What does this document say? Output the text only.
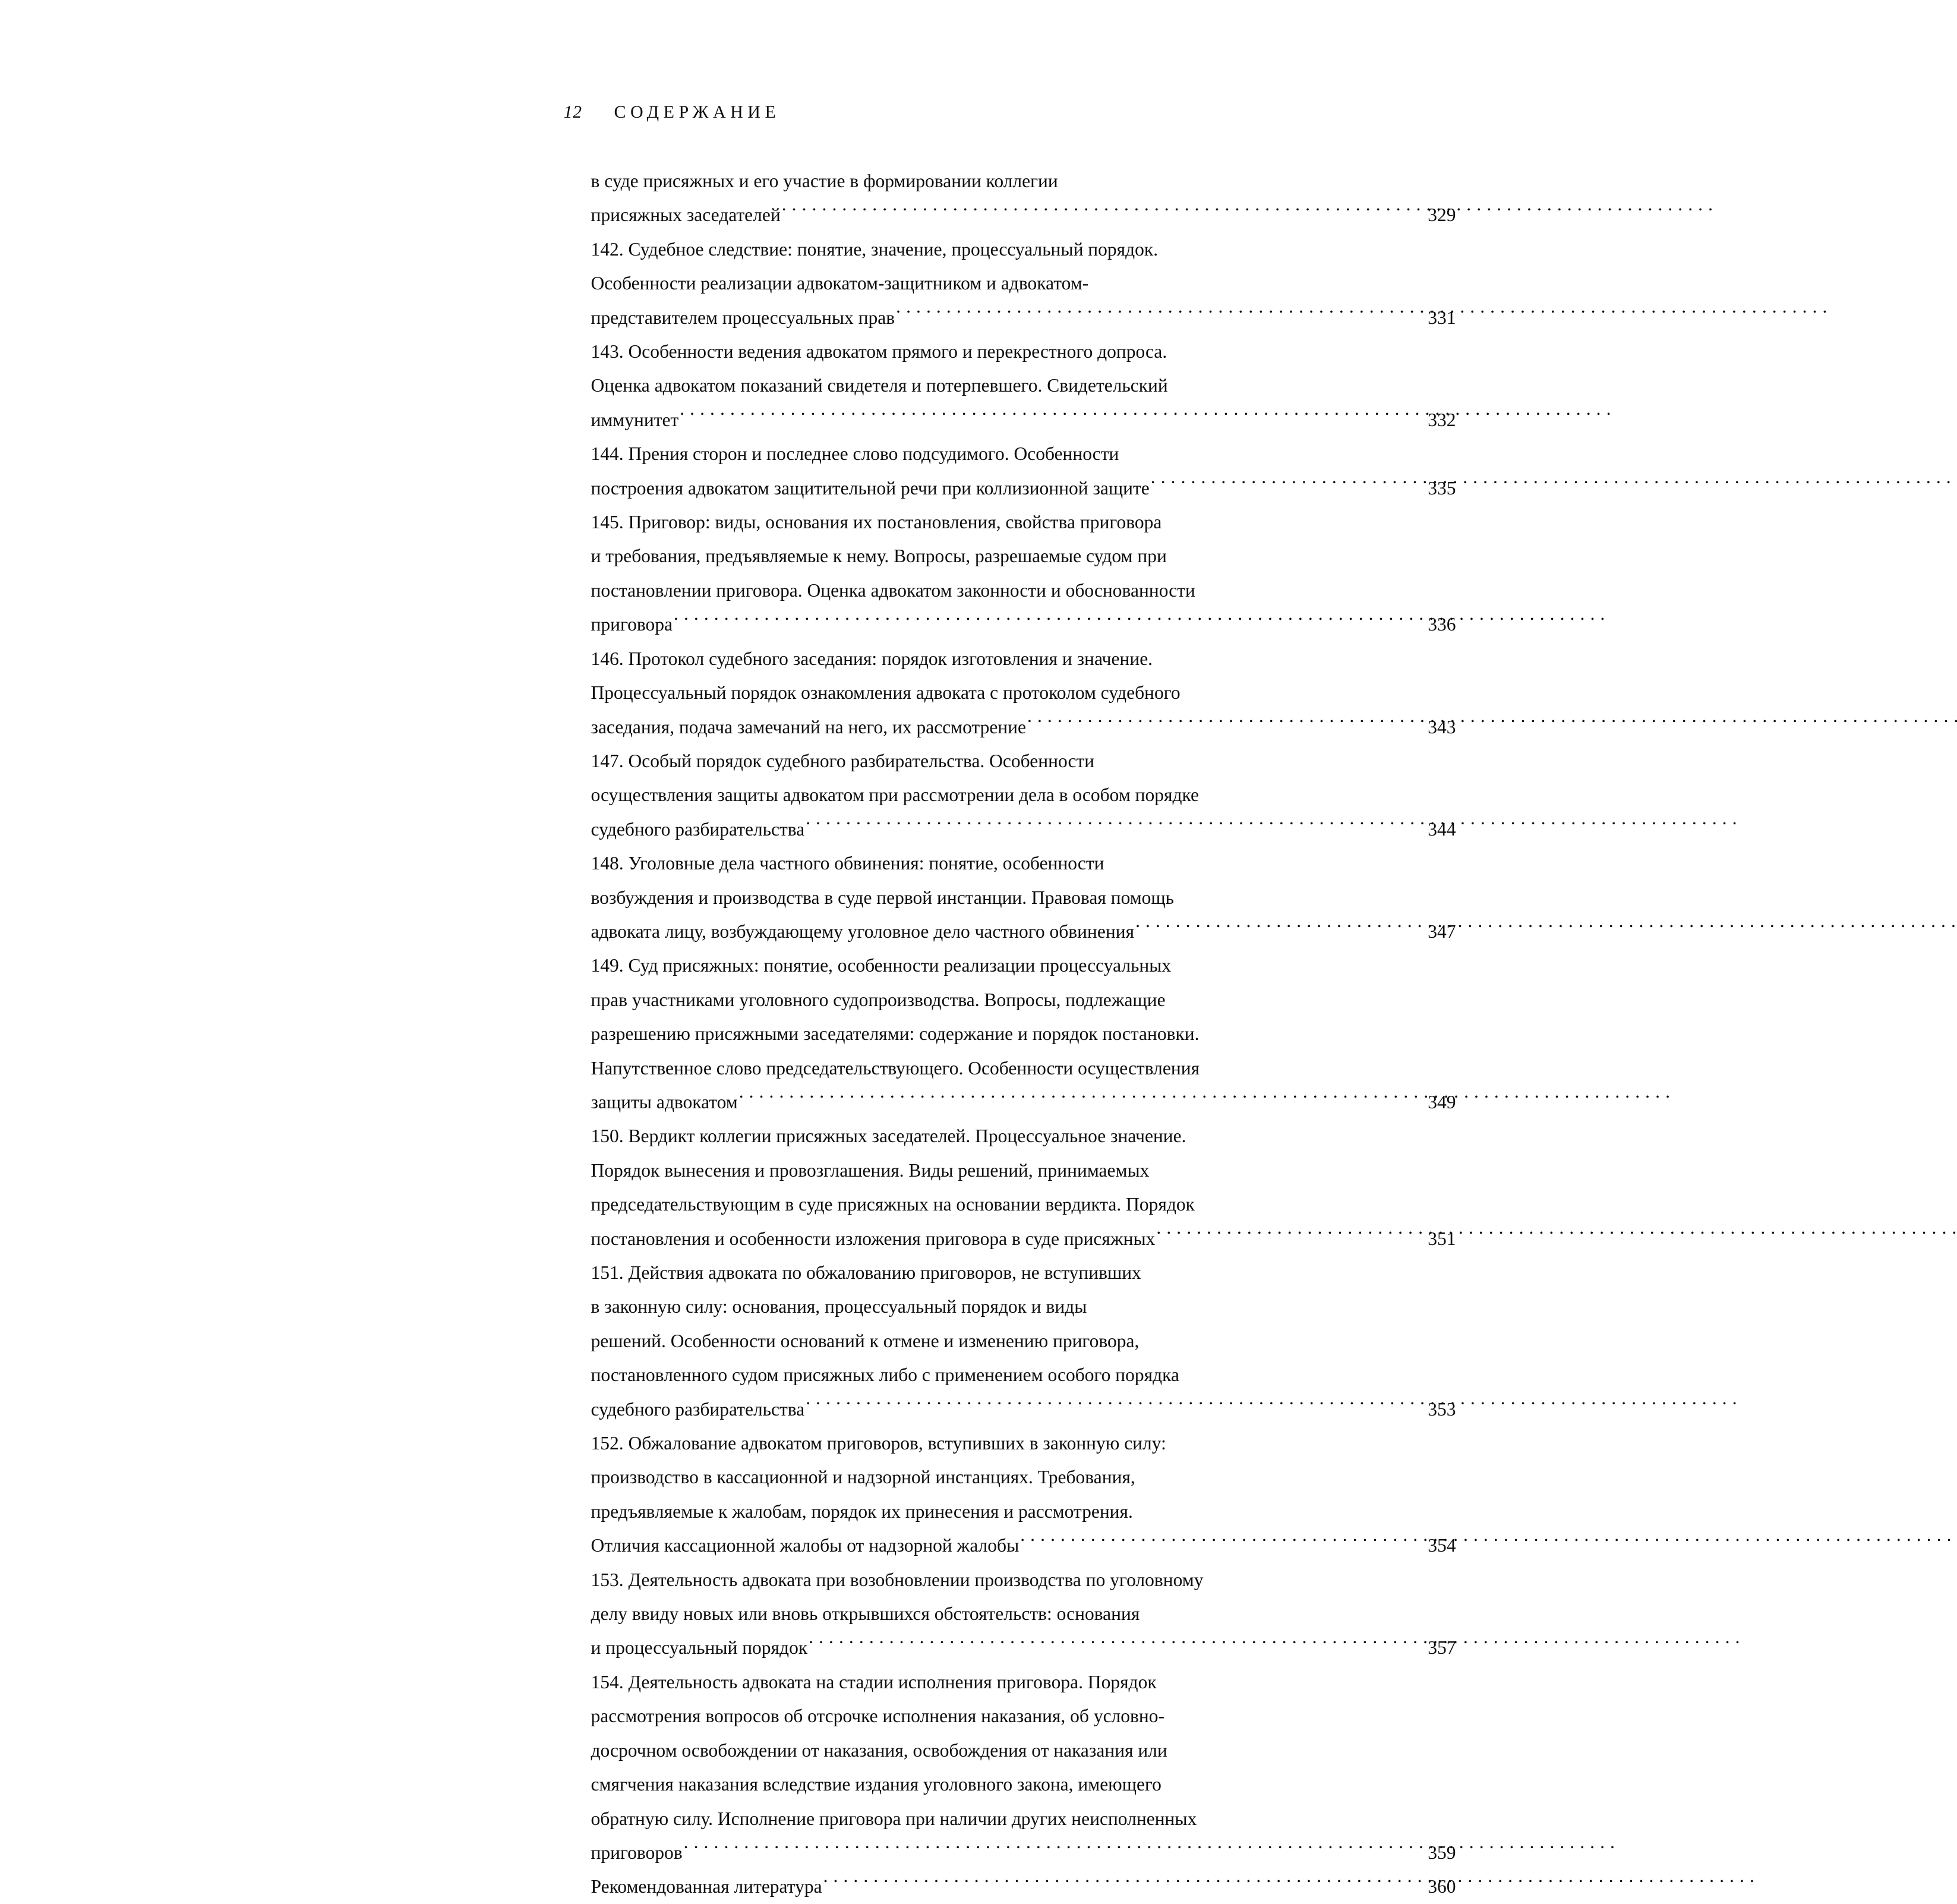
12 СОДЕРЖАНИЕ
в суде присяжных и его участие в формировании коллегии
присяжных заседателей . . .	329
142. Судебное следствие: понятие, значение, процессуальный порядок.
Особенности реализации адвокатом-защитником и адвокатом-
представителем процессуальных прав . . .	331
143. Особенности ведения адвокатом прямого и перекрестного допроса.
Оценка адвокатом показаний свидетеля и потерпевшего. Свидетельский
иммунитет . . .	332
144. Прения сторон и последнее слово подсудимого. Особенности
построения адвокатом защитительной речи при коллизионной защите . . .	335
145. Приговор: виды, основания их постановления, свойства приговора
и требования, предъявляемые к нему. Вопросы, разрешаемые судом при
постановлении приговора. Оценка адвокатом законности и обоснованности
приговора . . .	336
146. Протокол судебного заседания: порядок изготовления и значение.
Процессуальный порядок ознакомления адвоката с протоколом судебного
заседания, подача замечаний на него, их рассмотрение . . .	343
147. Особый порядок судебного разбирательства. Особенности
осуществления защиты адвокатом при рассмотрении дела в особом порядке
судебного разбирательства . . .	344
148. Уголовные дела частного обвинения: понятие, особенности
возбуждения и производства в суде первой инстанции. Правовая помощь
адвоката лицу, возбуждающему уголовное дело частного обвинения . . .	347
149. Суд присяжных: понятие, особенности реализации процессуальных
прав участниками уголовного судопроизводства. Вопросы, подлежащие
разрешению присяжными заседателями: содержание и порядок постановки.
Напутственное слово председательствующего. Особенности осуществления
защиты адвокатом . . .	349
150. Вердикт коллегии присяжных заседателей. Процессуальное значение.
Порядок вынесения и провозглашения. Виды решений, принимаемых
председательствующим в суде присяжных на основании вердикта. Порядок
постановления и особенности изложения приговора в суде присяжных . . .	351
151. Действия адвоката по обжалованию приговоров, не вступивших
в законную силу: основания, процессуальный порядок и виды
решений. Особенности оснований к отмене и изменению приговора,
постановленного судом присяжных либо с применением особого порядка
судебного разбирательства . . .	353
152. Обжалование адвокатом приговоров, вступивших в законную силу:
производство в кассационной и надзорной инстанциях. Требования,
предъявляемые к жалобам, порядок их принесения и рассмотрения.
Отличия кассационной жалобы от надзорной жалобы . . .	354
153. Деятельность адвоката при возобновлении производства по уголовному
делу ввиду новых или вновь открывшихся обстоятельств: основания
и процессуальный порядок . . .	357
154. Деятельность адвоката на стадии исполнения приговора. Порядок
рассмотрения вопросов об отсрочке исполнения наказания, об условно-
досрочном освобождении от наказания, освобождения от наказания или
смягчения наказания вследствие издания уголовного закона, имеющего
обратную силу. Исполнение приговора при наличии других неисполненных
приговоров . . .	359
Рекомендованная литература . . .	360
